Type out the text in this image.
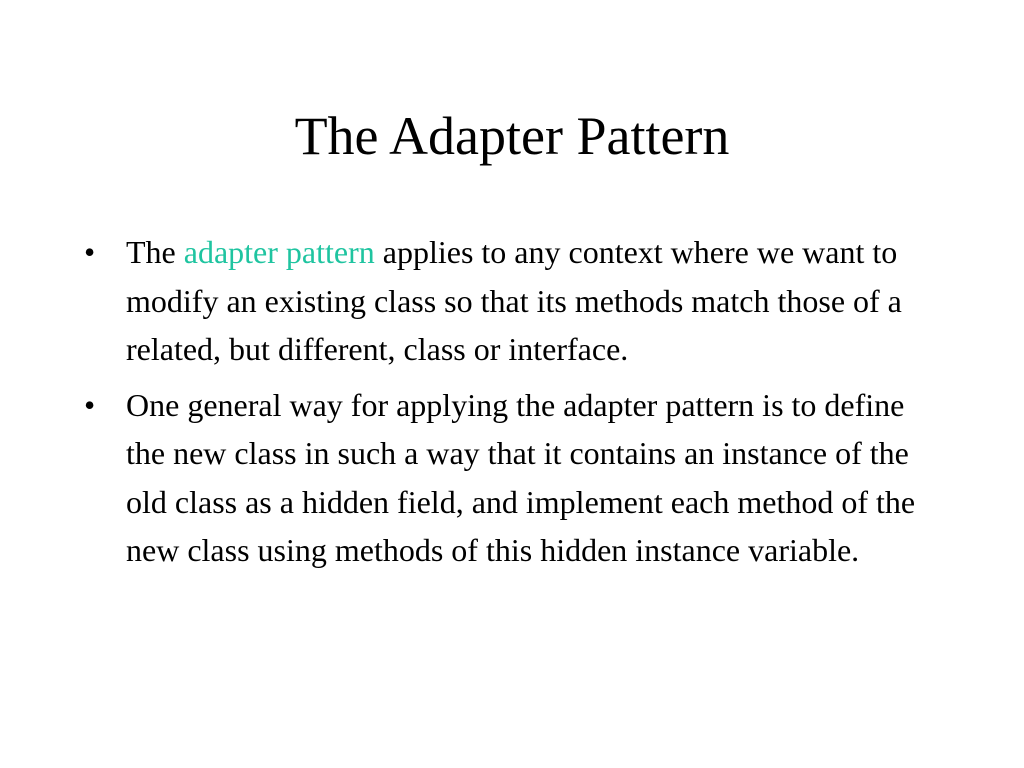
The Adapter Pattern
• The adapter pattern applies to any context where we want to modify an existing class so that its methods match those of a related, but different, class or interface.
• One general way for applying the adapter pattern is to define the new class in such a way that it contains an instance of the old class as a hidden field, and implement each method of the new class using methods of this hidden instance variable.
